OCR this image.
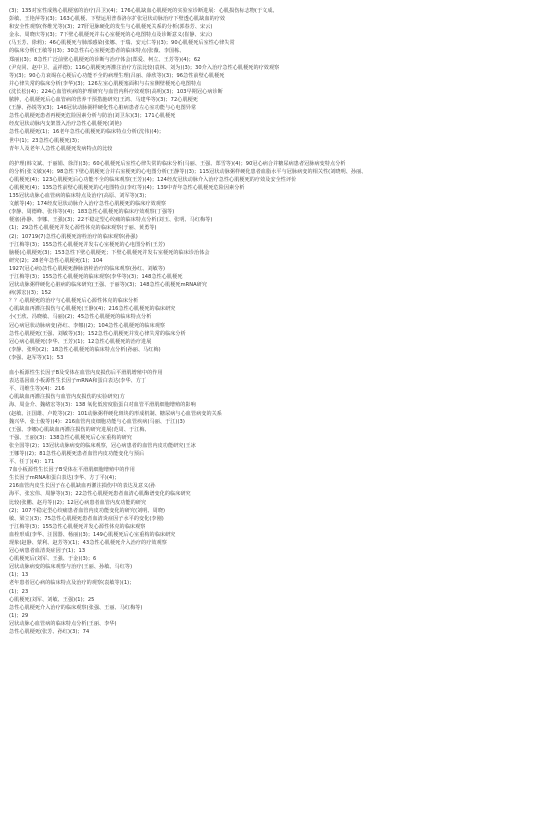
(3)；135对室性成熟心肌梗塞的治疗(吕卫)(4)；176心肌缺血心肌梗死的实验室诊断进展：心肌损伤标志物(于文成、
彭敏、王艳萍等)(3)；163心肌梗、下壁运用普萘洛尔扩张冠状动脉治疗下壁透心肌缺血的疗效
和安全性观察(佟维光等)(3)；27肝冠脉硬化的发生与心肌梗死关系的分析(郭春芳、宋云)
金永、周晓庆等)(3)；7下壁心肌梗死并右心室梗死的心电图特点及诊断意义(崔静、宋云)
(马玉芳、徐莉)；46心肌梗死与肺部感染(张娜、于瑞、安元仁等)(3)；90心肌梗死后室性心律失常
的临床分析(王敏等)(3)；30急性右心室梗死患者的临床特点(张薇、李国栋、
郑丽)(3)；8急性广泛前壁心肌梗死的诊断与治疗体会(郑爱、柯立、王芳等)(4)；62
(尹克同、赵中卫、孟祥德)；116心肌梗死再灌注治疗方法比较(袁林、刘为)(3)；30介入治疗急性心肌梗死的疗效观察
等)(3)；90心力衰竭在心梗后心功能不全的病理生理(吕丽、薛欣等)(3)；96急性前壁心肌梗死
并心律失常的临床分析(李华)(3)；126左室心肌梗塞面积与右室侧壁梗死心电图特点
(沈长松)(4)；224心血管疾病的护理研究与血管内科疗效观察(高明)(3)；103早期冠心病诊断
脓肿，心肌梗死后心血管病的营养干预措施研究(王鸿、马建华等)(3)；72心肌梗死
(王静、孙锐等)(3)；146冠状动脉粥样硬化性心脏病患者左心室功能与心电图异常
急性心肌梗死患者再梗死危险因素分析与防治(刘卫东)(3)；171心肌梗死
经皮冠状动脉内支架置入治疗急性心肌梗死(刘艳)
急性心肌梗死(1)；16老年急性心肌梗死的临床特点分析(沈伟)(4)；
世中(1)；23急性心肌梗死(3)；
青年人及老年人急性心肌梗死发病特点的比较
的护理(韩文斌、于丽娟、徐洋)(3)；60心肌梗死后室性心律失常的临床分析(马丽、王强、郑雪等)(4)；90冠心病合并糖尿病患者冠脉病变特点分析
的分析(张文敏)(4)；98急性下壁心肌梗死合并右室梗死的心电图分析(王静等)(3)；115冠状动脉粥样硬化患者血脂水平与冠脉病变的相关性(刘晓明、孙丽、
心肌梗死(4)；123心肌梗死后心功能不全的临床观察(王芳)(4)；124经皮冠状动脉介入治疗急性心肌梗死的疗效及安全性评价
心肌梗死(4)；135急性前壁心肌梗死的心电图特点(李红等)(4)；139中青年急性心肌梗死危险因素分析
135冠状动脉心血管病的临床特点及治疗(高原、刘军等)(3)；
文献等(4)；174经皮冠状动脉介入治疗急性心肌梗死的临床疗效观察
(李静、周德峰、张伟等)(4)；183急性心肌梗死的临床疗效观察(丁强等)
梗塞(孙静、李娜、王强)(3)；22不稳定型心绞痛的临床特点分析(刘玉、张明、马红梅等)
(1)；29急性心肌梗死并发心源性休克的临床观察(于丽、黄勇等)
(2)；10719(7)急性心肌梗死溶栓治疗的临床观察(孙强)
于江梅等(3)；155急性心肌梗死并发右心室梗死的心电图分析(王芳)
脑梗(心肌梗死(3)；153急性下壁心肌梗死；下壁心肌梗死并发右室梗死的临床诊治体会
研究(2)；28老年急性心肌梗死(1)；104
1927(冠心病)急性心肌梗死静脉溶栓治疗的临床观察(孙红、刘敏等)
于江梅等(3)；155急性心肌梗死的临床观察(李华等)(3)；148急性心肌梗死
冠状动脉粥样硬化心脏病的临床研究(王强、于丽等)(3)；148急性心肌梗死mRNA研究
病(郭宏)(3)；152
？？心肌梗死的治疗与心肌梗死后心源性休克的临床分析
心肌缺血再灌注损伤与心肌梗死(王静)(4)；216急性心肌梗死的临床研究
小(王欣、冯晓敏、马丽)(2)；45急性心肌梗死的临床特点分析
冠心病冠状动脉病变(孙红、李娜)(2)；104急性心肌梗死的临床观察
急性心肌梗死(王强、刘敏等)(3)；152急性心肌梗死并发心律失常的临床分析
冠心病心肌梗死(李华、王芳)(1)；12急性心肌梗死的治疗进展
(李静、张明)(2)；18急性心肌梗死的临床特点分析(孙丽、马红梅)
(李强、赵军等)(1)；53
血小板源性生长因子B及受体在血管内皮损伤后平滑肌增殖中的作用
表达基因血小板源性生长因子mRNA和蛋白表达(李华、方丁
平、司维生等)(4)：216
心肌缺血再灌注损伤与血管内皮损伤的实验研究(方
海、周金介、魏绪宏等)(3)：138 氧化低密度脂蛋白对血管平滑肌细胞增殖的影响
(赵敏、汪国雄、卢乾等)(2)：101动脉粥样硬化斑块的形成机制、糖尿病与心血管病变的关系
魏兴华、张士俊等)(4)：216血管内皮细胞功能与心血管疾病(马丽、于江)(3)
(王强、李娜)心肌缺血再灌注损伤的研究进展(范周、于江梅、
干强、王丽)(3)：138急性心肌梗死后心室重构的研究
张全国等(2)；13冠状动脉病变的临床观察，冠心病患者的血管内皮功能研究(王冰
王娜等)(2)；81急性心肌梗死患者血管内皮功能变化与预后
平、任丁)(4)：171
7血小板源性生长因子B受体在平滑肌细胞增殖中的作用
生长因子mRNA和蛋白表达(李华、方丁平)(4)；
216血管内皮生长因子在心肌缺血再灌注损伤中的表达及意义(孙
海平、张宏伟、周静等)(3)；22急性心肌梗死患者血清心肌酶谱变化的临床研究
比较(张鹏、赵丹等)(2)；12冠心病患者血管内皮功能的研究
(2)；107不稳定型心绞痛患者血管内皮功能变化的研究(刘明、周晓)
敏、梁立)(3)；75急性心肌梗死患者血清炎症因子水平的变化(李刚)
于江梅等(3)；155急性心肌梗死并发心源性休克的临床观察
血栓形成(李华、汪国器、杨丽)(3)；149心肌梗死后心室重构的临床研究
现象(赵静、蒙利、赵芳等)(1)；43急性心肌梗死介入治疗的疗效观察
冠心病患者血清炎症因子(1)；13
心肌梗死后(刘军、王强、于金)(3)；6
冠状动脉病变的临床观察与治疗(王丽、孙敏、马红等)
(1)；13
老年患者冠心病的临床特点及治疗的观察(袁敏等)(1)；
(1)；23
心肌梗死(刘军、刘敏、王强)(1)；25
急性心肌梗死介入治疗的临床观察(张强、王丽、马红梅等)
(1)；29
冠状动脉心血管病的临床特点分析(王丽、李华)
急性心肌梗死(张芳、孙红)(3)；74
